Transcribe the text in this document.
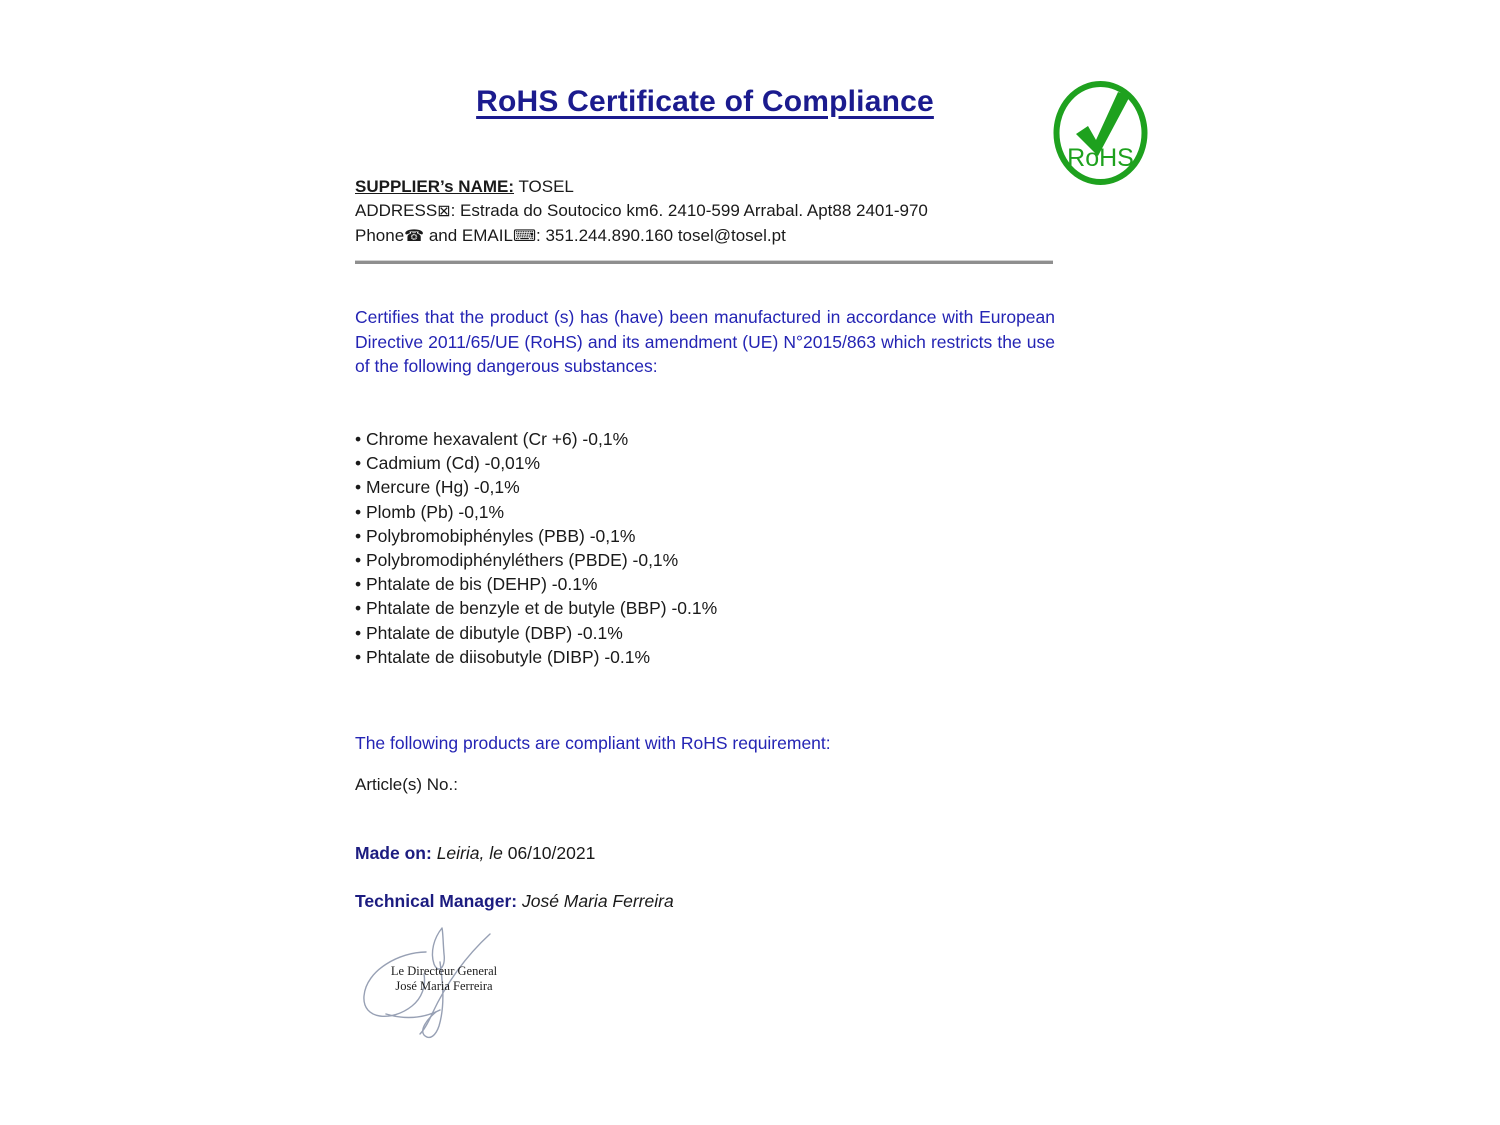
RoHS Certificate of Compliance
RoHS
SUPPLIER’s NAME: TOSEL
ADDRESS⊠: Estrada do Soutocico km6. 2410-599 Arrabal. Apt88 2401-970
Phone☎ and EMAIL⌨: 351.244.890.160 tosel@tosel.pt

Certifies that the product (s) has (have) been manufactured in accordance with European Directive 2011/65/UE (RoHS) and its amendment (UE) N°2015/863 which restricts the use of the following dangerous substances:

• Chrome hexavalent (Cr +6) -0,1%
• Cadmium (Cd) -0,01%
• Mercure (Hg) -0,1%
• Plomb (Pb) -0,1%
• Polybromobiphényles (PBB) -0,1%
• Polybromodiphényléthers (PBDE) -0,1%
• Phtalate de bis (DEHP) -0.1%
• Phtalate de benzyle et de butyle (BBP) -0.1%
• Phtalate de dibutyle (DBP) -0.1%
• Phtalate de diisobutyle (DIBP) -0.1%

The following products are compliant with RoHS requirement:

Article(s) No.:

Made on: Leiria, le 06/10/2021

Technical Manager: José Maria Ferreira

Le Directeur General
José Maria Ferreira
